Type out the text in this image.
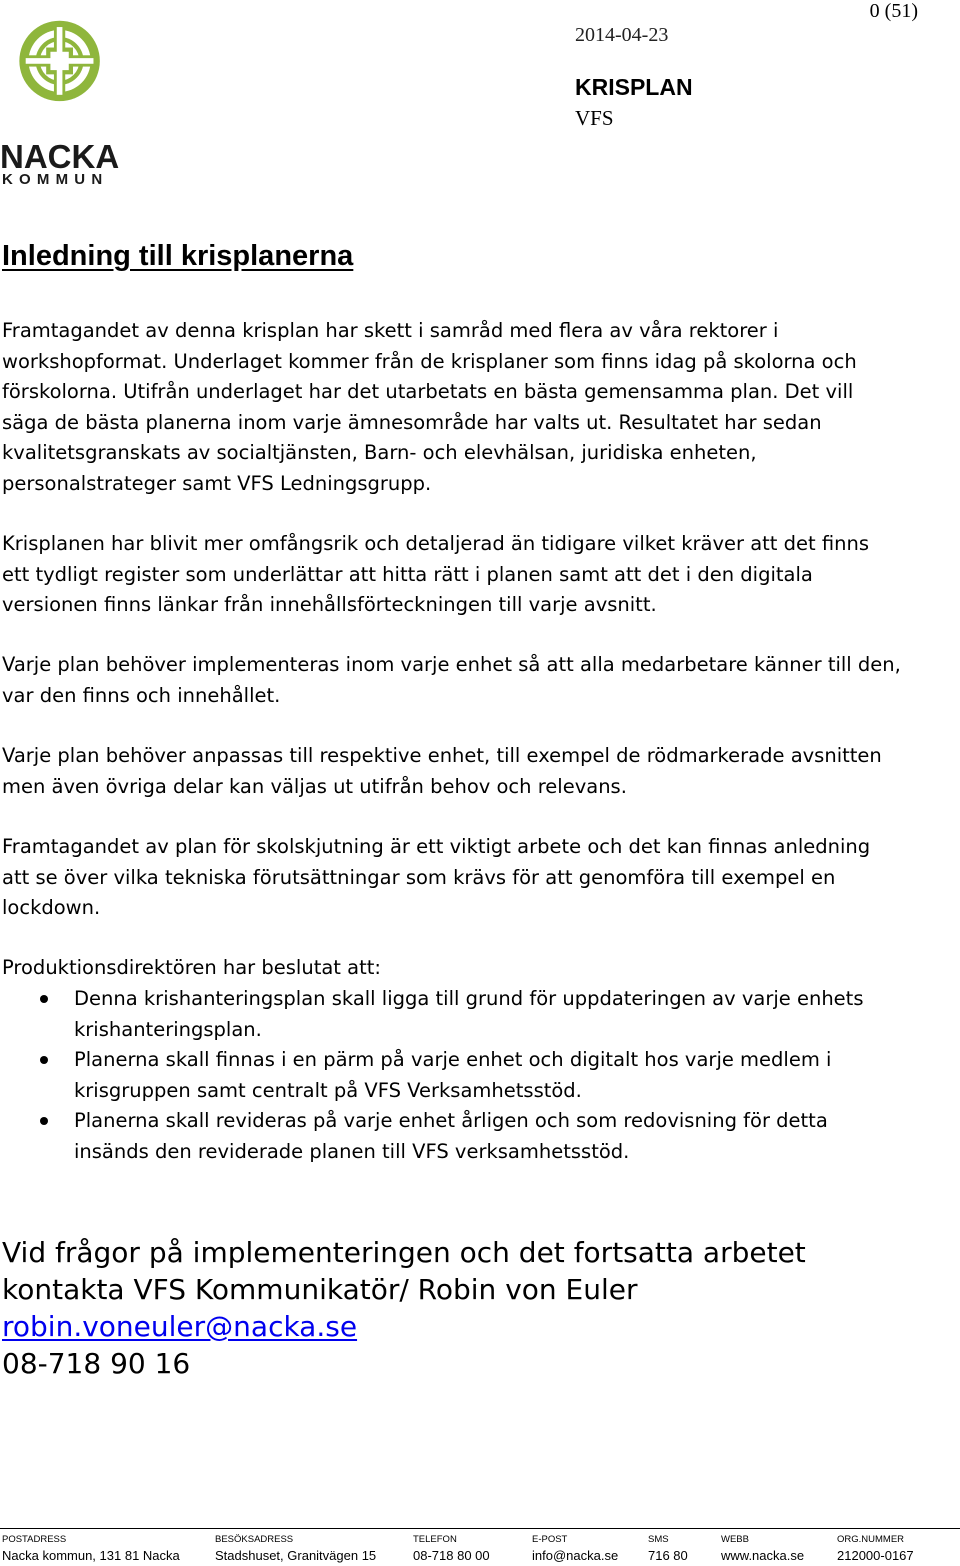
0 (51)
2014-04-23
KRISPLAN
VFS
NACKA
KOMMUN
Inledning till krisplanerna

Framtagandet av denna krisplan har skett i samråd med flera av våra rektorer i workshopformat. Underlaget kommer från de krisplaner som finns idag på skolorna och förskolorna. Utifrån underlaget har det utarbetats en bästa gemensamma plan. Det vill säga de bästa planerna inom varje ämnesområde har valts ut. Resultatet har sedan kvalitetsgranskats av socialtjänsten, Barn- och elevhälsan, juridiska enheten, personalstrateger samt VFS Ledningsgrupp.

Krisplanen har blivit mer omfångsrik och detaljerad än tidigare vilket kräver att det finns ett tydligt register som underlättar att hitta rätt i planen samt att det i den digitala versionen finns länkar från innehållsförteckningen till varje avsnitt.

Varje plan behöver implementeras inom varje enhet så att alla medarbetare känner till den, var den finns och innehållet.

Varje plan behöver anpassas till respektive enhet, till exempel de rödmarkerade avsnitten men även övriga delar kan väljas ut utifrån behov och relevans.

Framtagandet av plan för skolskjutning är ett viktigt arbete och det kan finnas anledning att se över vilka tekniska förutsättningar som krävs för att genomföra till exempel en lockdown.

Produktionsdirektören har beslutat att:

Denna krishanteringsplan skall ligga till grund för uppdateringen av varje enhets krishanteringsplan.
Planerna skall finnas i en pärm på varje enhet och digitalt hos varje medlem i krisgruppen samt centralt på VFS Verksamhetsstöd.
Planerna skall revideras på varje enhet årligen och som redovisning för detta insänds den reviderade planen till VFS verksamhetsstöd.
Vid frågor på implementeringen och det fortsatta arbetet
kontakta VFS Kommunikatör/ Robin von Euler
robin.voneuler@nacka.se
08-718 90 16
POSTADRESS
Nacka kommun, 131 81 Nacka
BESÖKSADRESS
Stadshuset, Granitvägen 15
TELEFON
08-718 80 00
E-POST
info@nacka.se
SMS
716 80
WEBB
www.nacka.se
ORG.NUMMER
212000-0167
